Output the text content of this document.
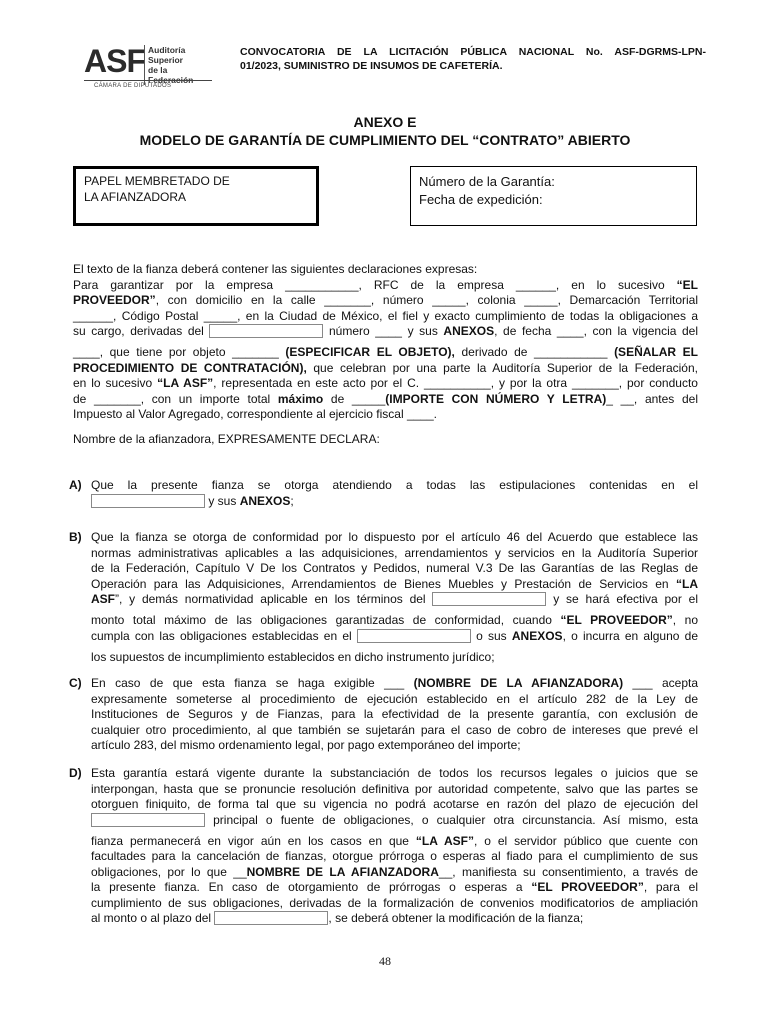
ASF Auditoría
Superior
de la Federación
CÁMARA DE DIPUTADOS
CONVOCATORIA DE LA LICITACIÓN PÚBLICA NACIONAL No. ASF-DGRMS-LPN-
01/2023, SUMINISTRO DE INSUMOS DE CAFETERÍA.
ANEXO E
MODELO DE GARANTÍA DE CUMPLIMIENTO DEL “CONTRATO” ABIERTO
PAPEL MEMBRETADO DE
LA AFIANZADORA
Número de la Garantía:
Fecha de expedición:
El texto de la fianza deberá contener las siguientes declaraciones expresas:
Para garantizar por la empresa ___________, RFC de la empresa ______, en lo sucesivo “EL
PROVEEDOR”, con domicilio en la calle _______, número _____, colonia _____, Demarcación Territorial
______, Código Postal _____, en la Ciudad de México, el fiel y exacto cumplimiento de todas la obligaciones a
su cargo, derivadas del	número ____ y sus ANEXOS, de fecha ____, con la vigencia del
____, que tiene por objeto _______ (ESPECIFICAR EL OBJETO), derivado de ___________ (SEÑALAR EL
PROCEDIMIENTO DE CONTRATACIÓN), que celebran por una parte la Auditoría Superior de la Federación,
en lo sucesivo “LA ASF”, representada en este acto por el C. __________, y por la otra _______, por conducto
de _______, con un importe total máximo de _____(IMPORTE CON NÚMERO Y LETRA)_ __, antes del
Impuesto al Valor Agregado, correspondiente al ejercicio fiscal ____.
Nombre de la afianzadora, EXPRESAMENTE DECLARA:
A) Que la presente fianza se otorga atendiendo a todas las estipulaciones contenidas en el
y sus ANEXOS;
B) Que la fianza se otorga de conformidad por lo dispuesto por el artículo 46 del Acuerdo que establece las
normas administrativas aplicables a las adquisiciones, arrendamientos y servicios en la Auditoría Superior
de la Federación, Capítulo V De los Contratos y Pedidos, numeral V.3 De las Garantías de las Reglas de
Operación para las Adquisiciones, Arrendamientos de Bienes Muebles y Prestación de Servicios en “LA
ASF”, y demás normatividad aplicable en los términos del	y se hará efectiva por el
monto total máximo de las obligaciones garantizadas de conformidad, cuando “EL PROVEEDOR”, no
cumpla con las obligaciones establecidas en el	o sus ANEXOS, o incurra en alguno de
los supuestos de incumplimiento establecidos en dicho instrumento jurídico;
C) En caso de que esta fianza se haga exigible ___ (NOMBRE DE LA AFIANZADORA) ___ acepta
expresamente someterse al procedimiento de ejecución establecido en el artículo 282 de la Ley de
Instituciones de Seguros y de Fianzas, para la efectividad de la presente garantía, con exclusión de
cualquier otro procedimiento, al que también se sujetarán para el caso de cobro de intereses que prevé el
artículo 283, del mismo ordenamiento legal, por pago extemporáneo del importe;
D) Esta garantía estará vigente durante la substanciación de todos los recursos legales o juicios que se
interpongan, hasta que se pronuncie resolución definitiva por autoridad competente, salvo que las partes se
otorguen finiquito, de forma tal que su vigencia no podrá acotarse en razón del plazo de ejecución del
principal o fuente de obligaciones, o cualquier otra circunstancia. Así mismo, esta
fianza permanecerá en vigor aún en los casos en que “LA ASF”, o el servidor público que cuente con
facultades para la cancelación de fianzas, otorgue prórroga o esperas al fiado para el cumplimiento de sus
obligaciones, por lo que __NOMBRE DE LA AFIANZADORA__, manifiesta su consentimiento, a través de
la presente fianza. En caso de otorgamiento de prórrogas o esperas a “EL PROVEEDOR”, para el
cumplimiento de sus obligaciones, derivadas de la formalización de convenios modificatorios de ampliación
al monto o al plazo del	, se deberá obtener la modificación de la fianza;
48
